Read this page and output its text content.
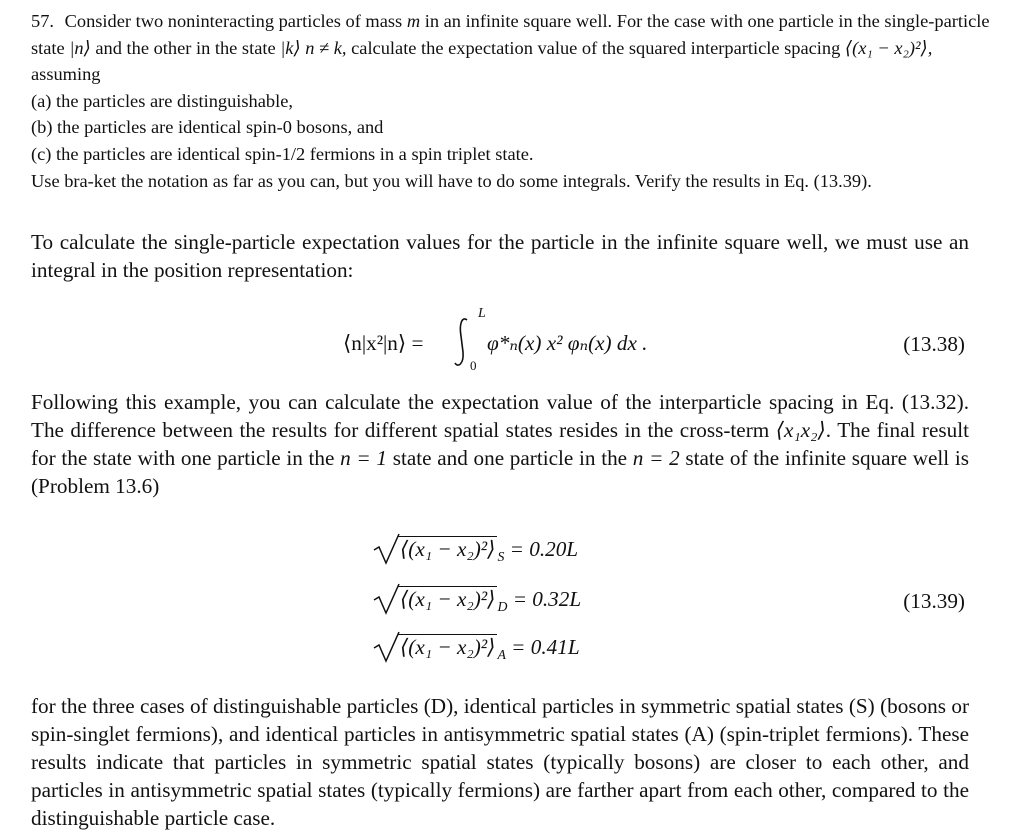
57. Consider two noninteracting particles of mass m in an infinite square well. For the case with one particle in the single-particle state |n⟩ and the other in the state |k⟩ n ≠ k, calculate the expectation value of the squared interparticle spacing ⟨(x₁ − x₂)²⟩, assuming

(a) the particles are distinguishable,

(b) the particles are identical spin-0 bosons, and

(c) the particles are identical spin-1/2 fermions in a spin triplet state.

Use bra-ket the notation as far as you can, but you will have to do some integrals. Verify the results in Eq. (13.39).

To calculate the single-particle expectation values for the particle in the infinite square well, we must use an integral in the position representation:

⟨n|x²|n⟩ =
L
0
φ*ₙ(x) x² φₙ(x) dx .	(13.38)

Following this example, you can calculate the expectation value of the interparticle spacing in Eq. (13.32). The difference between the results for different spatial states resides in the cross-term ⟨x₁x₂⟩. The final result for the state with one particle in the n = 1 state and one particle in the n = 2 state of the infinite square well is (Problem 13.6)

⟨(x₁ − x₂)²⟩ $_S$ = 0.20L
⟨(x₁ − x₂)²⟩ $_D$ = 0.32L
⟨(x₁ − x₂)²⟩ $_A$ = 0.41L
(13.39)

for the three cases of distinguishable particles (D), identical particles in symmetric spatial states (S) (bosons or spin-singlet fermions), and identical particles in antisymmetric spatial states (A) (spin-triplet fermions). These results indicate that particles in symmetric spatial states (typically bosons) are closer to each other, and particles in antisymmetric spatial states (typically fermions) are farther apart from each other, compared to the distinguishable particle case.
